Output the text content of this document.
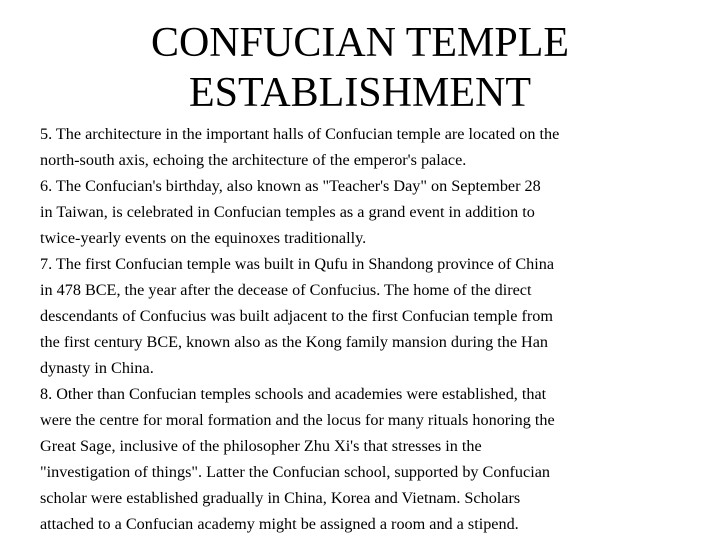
CONFUCIAN TEMPLE
ESTABLISHMENT
5. The architecture in the important halls of Confucian temple are located on the
north-south axis, echoing the architecture of the emperor's palace.
6. The Confucian's birthday, also known as "Teacher's Day" on September 28
in Taiwan, is celebrated in Confucian temples as a grand event in addition to
twice-yearly events on the equinoxes traditionally.
7. The first Confucian temple was built in Qufu in Shandong province of China
in 478 BCE, the year after the decease of Confucius. The home of the direct
descendants of Confucius was built adjacent to the first Confucian temple from
the first century BCE, known also as the Kong family mansion during the Han
dynasty in China.
8. Other than Confucian temples schools and academies were established, that
were the centre for moral formation and the locus for many rituals honoring the
Great Sage, inclusive of the philosopher Zhu Xi's that stresses in the
"investigation of things". Latter the Confucian school, supported by Confucian
scholar were established gradually in China, Korea and Vietnam. Scholars
attached to a Confucian academy might be assigned a room and a stipend.
